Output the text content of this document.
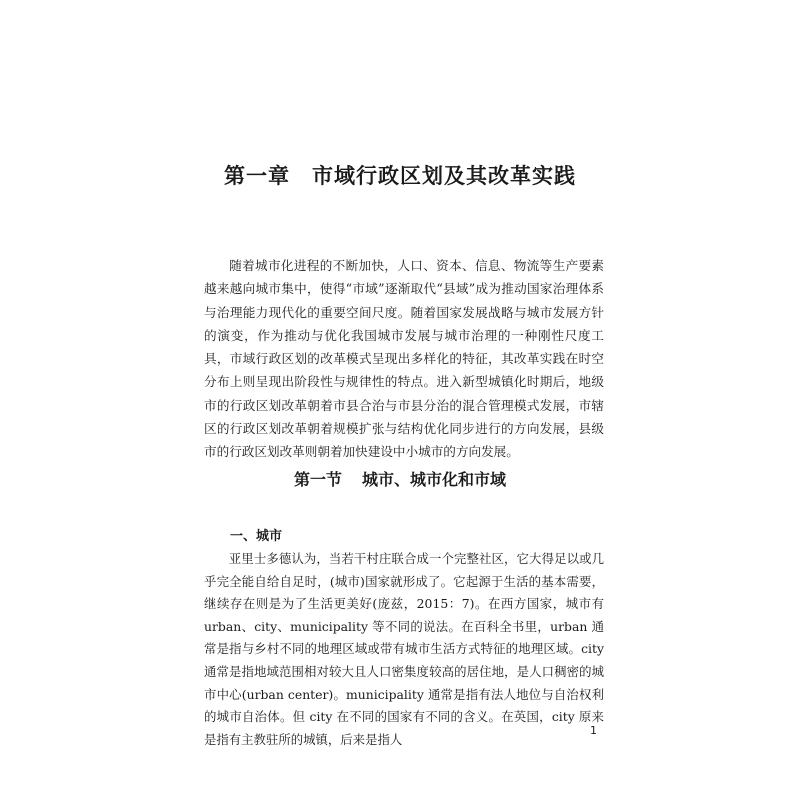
第一章 市域行政区划及其改革实践

随着城市化进程的不断加快，人口、资本、信息、物流等生产要素越来越向城市集中，使得“市域”逐渐取代“县域”成为推动国家治理体系与治理能力现代化的重要空间尺度。随着国家发展战略与城市发展方针的演变，作为推动与优化我国城市发展与城市治理的一种刚性尺度工具，市域行政区划的改革模式呈现出多样化的特征，其改革实践在时空分布上则呈现出阶段性与规律性的特点。进入新型城镇化时期后，地级市的行政区划改革朝着市县合治与市县分治的混合管理模式发展，市辖区的行政区划改革朝着规模扩张与结构优化同步进行的方向发展，县级市的行政区划改革则朝着加快建设中小城市的方向发展。

第一节 城市、城市化和市域
一、城市

亚里士多德认为，当若干村庄联合成一个完整社区，它大得足以或几乎完全能自给自足时，(城市)国家就形成了。它起源于生活的基本需要，继续存在则是为了生活更美好(庞兹，2015：7)。在西方国家，城市有 urban、city、municipality 等不同的说法。在百科全书里，urban 通常是指与乡村不同的地理区域或带有城市生活方式特征的地理区域。city 通常是指地域范围相对较大且人口密集度较高的居住地，是人口稠密的城市中心(urban center)。municipality 通常是指有法人地位与自治权利的城市自治体。但 city 在不同的国家有不同的含义。在英国，city 原来是指有主教驻所的城镇，后来是指人

1
